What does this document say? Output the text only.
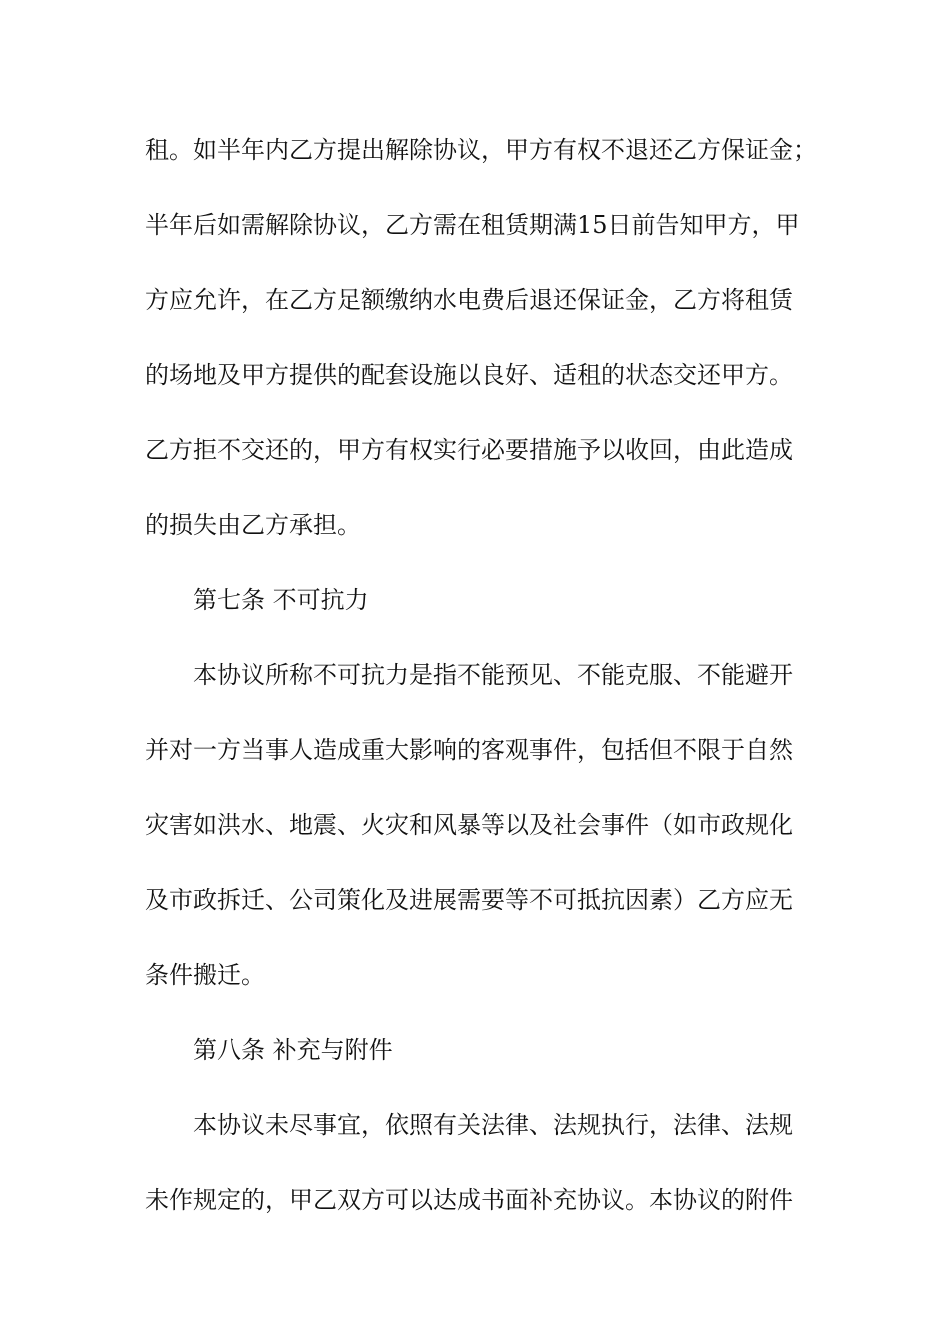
租。如半年内乙方提出解除协议，甲方有权不退还乙方保证金；
半年后如需解除协议，乙方需在租赁期满15日前告知甲方，甲
方应允许，在乙方足额缴纳水电费后退还保证金，乙方将租赁
的场地及甲方提供的配套设施以良好、适租的状态交还甲方。
乙方拒不交还的，甲方有权实行必要措施予以收回，由此造成
的损失由乙方承担。
第七条 不可抗力
本协议所称不可抗力是指不能预见、不能克服、不能避开
并对一方当事人造成重大影响的客观事件，包括但不限于自然
灾害如洪水、地震、火灾和风暴等以及社会事件（如市政规化
及市政拆迁、公司策化及进展需要等不可抵抗因素）乙方应无
条件搬迁。
第八条 补充与附件
本协议未尽事宜，依照有关法律、法规执行，法律、法规
未作规定的，甲乙双方可以达成书面补充协议。本协议的附件
